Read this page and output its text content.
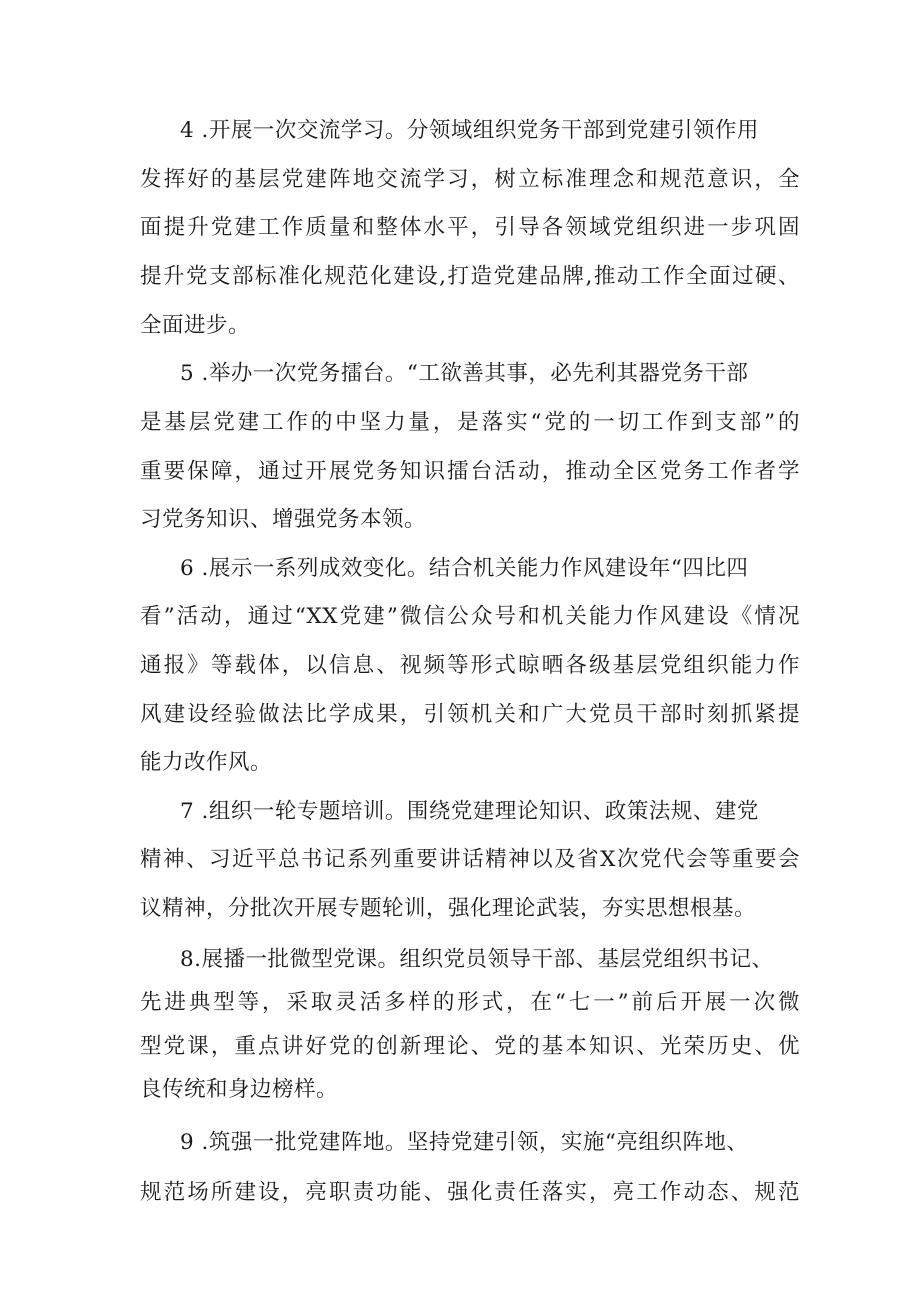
4 .开展一次交流学习。分领域组织党务干部到党建引领作用
发挥好的基层党建阵地交流学习，树立标准理念和规范意识，全
面提升党建工作质量和整体水平，引导各领域党组织进一步巩固
提升党支部标准化规范化建设,打造党建品牌,推动工作全面过硬、
全面进步。
5 .举办一次党务擂台。“工欲善其事，必先利其器党务干部
是基层党建工作的中坚力量，是落实“党的一切工作到支部”的
重要保障，通过开展党务知识擂台活动，推动全区党务工作者学
习党务知识、增强党务本领。
6 .展示一系列成效变化。结合机关能力作风建设年“四比四
看”活动，通过“XX党建”微信公众号和机关能力作风建设《情况
通报》等载体，以信息、视频等形式晾晒各级基层党组织能力作
风建设经验做法比学成果，引领机关和广大党员干部时刻抓紧提
能力改作风。
7 .组织一轮专题培训。围绕党建理论知识、政策法规、建党
精神、习近平总书记系列重要讲话精神以及省X次党代会等重要会
议精神，分批次开展专题轮训，强化理论武装，夯实思想根基。
8.展播一批微型党课。组织党员领导干部、基层党组织书记、
先进典型等，采取灵活多样的形式，在“七一”前后开展一次微
型党课，重点讲好党的创新理论、党的基本知识、光荣历史、优
良传统和身边榜样。
9 .筑强一批党建阵地。坚持党建引领，实施“亮组织阵地、
规范场所建设，亮职责功能、强化责任落实，亮工作动态、规范
